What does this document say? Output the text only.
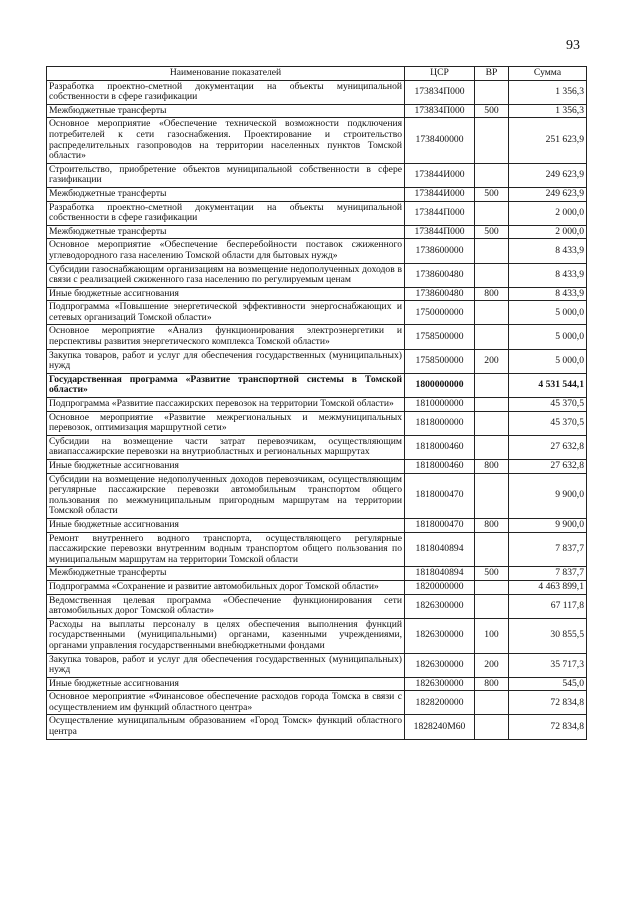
93
Наименование показателей	ЦСР	ВР	Сумма
Разработка проектно-сметной документации на объекты муниципальной собственности в сфере газификации	173834П000		1 356,3
Межбюджетные трансферты	173834П000	500	1 356,3
Основное мероприятие «Обеспечение технической возможности подключения потребителей к сети газоснабжения. Проектирование и строительство распределительных газопроводов на территории населенных пунктов Томской области»	1738400000		251 623,9
Строительство, приобретение объектов муниципальной собственности в сфере газификации	173844И000		249 623,9
Межбюджетные трансферты	173844И000	500	249 623,9
Разработка проектно-сметной документации на объекты муниципальной собственности в сфере газификации	173844П000		2 000,0
Межбюджетные трансферты	173844П000	500	2 000,0
Основное мероприятие «Обеспечение бесперебойности поставок сжиженного углеводородного газа населению Томской области для бытовых нужд»	1738600000		8 433,9
Субсидии газоснабжающим организациям на возмещение недополученных доходов в связи с реализацией сжиженного газа населению по регулируемым ценам	1738600480		8 433,9
Иные бюджетные ассигнования	1738600480	800	8 433,9
Подпрограмма «Повышение энергетической эффективности энергоснабжающих и сетевых организаций Томской области»	1750000000		5 000,0
Основное мероприятие «Анализ функционирования электроэнергетики и перспективы развития энергетического комплекса Томской области»	1758500000		5 000,0
Закупка товаров, работ и услуг для обеспечения государственных (муниципальных) нужд	1758500000	200	5 000,0
Государственная программа «Развитие транспортной системы в Томской области»	1800000000		4 531 544,1
Подпрограмма «Развитие пассажирских перевозок на территории Томской области»	1810000000		45 370,5
Основное мероприятие «Развитие межрегиональных и межмуниципальных перевозок, оптимизация маршрутной сети»	1818000000		45 370,5
Субсидии на возмещение части затрат перевозчикам, осуществляющим авиапассажирские перевозки на внутриобластных и региональных маршрутах	1818000460		27 632,8
Иные бюджетные ассигнования	1818000460	800	27 632,8
Субсидии на возмещение недополученных доходов перевозчикам, осуществляющим регулярные пассажирские перевозки автомобильным транспортом общего пользования по межмуниципальным пригородным маршрутам на территории Томской области	1818000470		9 900,0
Иные бюджетные ассигнования	1818000470	800	9 900,0
Ремонт внутреннего водного транспорта, осуществляющего регулярные пассажирские перевозки внутренним водным транспортом общего пользования по муниципальным маршрутам на территории Томской области	1818040894		7 837,7
Межбюджетные трансферты	1818040894	500	7 837,7
Подпрограмма «Сохранение и развитие автомобильных дорог Томской области»	1820000000		4 463 899,1
Ведомственная целевая программа «Обеспечение функционирования сети автомобильных дорог Томской области»	1826300000		67 117,8
Расходы на выплаты персоналу в целях обеспечения выполнения функций государственными (муниципальными) органами, казенными учреждениями, органами управления государственными внебюджетными фондами	1826300000	100	30 855,5
Закупка товаров, работ и услуг для обеспечения государственных (муниципальных) нужд	1826300000	200	35 717,3
Иные бюджетные ассигнования	1826300000	800	545,0
Основное мероприятие «Финансовое обеспечение расходов города Томска в связи с осуществлением им функций областного центра»	1828200000		72 834,8
Осуществление муниципальным образованием «Город Томск» функций областного центра	1828240М60		72 834,8
